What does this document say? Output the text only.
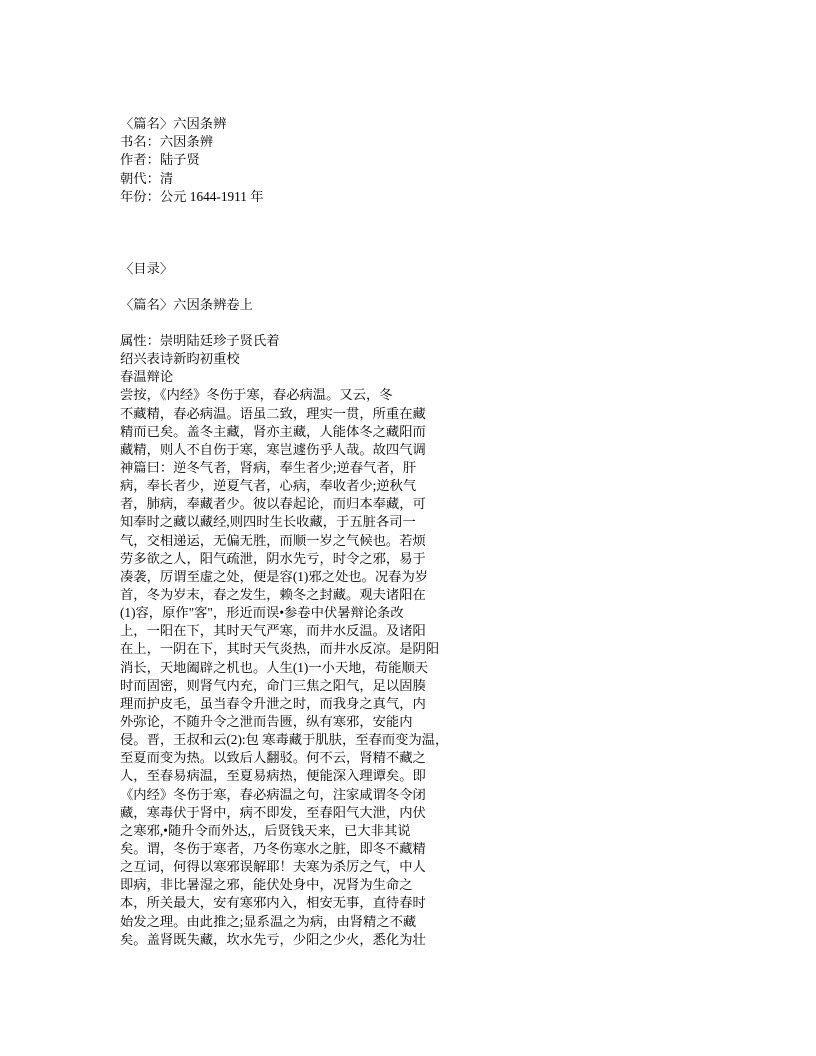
〈篇名〉六因条辨
书名：六因条辨
作者：陆子贤
朝代：清
年份：公元 1644-1911 年
〈目录〉
〈篇名〉六因条辨卷上
属性：崇明陆廷珍子贤氏着
绍兴表诗新昀初重校
春温辩论
尝按，《内经》冬伤于寒，春必病温。又云，冬
不藏精，春必病温。语虽二致，理实一贯，所重在藏
精而已矣。盖冬主藏，肾亦主藏，人能体冬之藏阳而
藏精，则人不自伤于寒，寒岂遽伤乎人哉。故四气调
神篇曰：逆冬气者，肾病，奉生者少;逆春气者，肝
病，奉长者少，逆夏气者，心病，奉收者少;逆秋气
者，肺病，奉藏者少。彼以春起论，而归本奉藏，可
知奉时之藏以藏经,则四时生长收藏，于五脏各司一
气，交相递运，无偏无胜，而顺一岁之气候也。若烦
劳多欲之人，阳气疏泄，阴水先亏，时令之邪，易于
凑袭，厉谓至虚之处，便是容(1)邪之处也。况春为岁
首，冬为岁末，春之发生，赖冬之封藏。观夫诸阳在
(1)容，原作"客"，形近而误•参卷中伏暑辩论条改
上，一阳在下，其时天气严寒，而井水反温。及诸阳
在上，一阴在下，其时天气炎热，而井水反凉。是阴阳
消长，天地阖辟之机也。人生(1)一小天地，苟能顺天
时而固密，则肾气内充，命门三焦之阳气，足以固腠
理而护皮毛，虽当春令升泄之时，而我身之真气，内
外弥论，不随升令之泄而告匮，纵有寒邪，安能内
侵。晋，王叔和云(2):包 寒毒藏于肌肤，至春而变为温，
至夏而变为热。以致后人翻驳。何不云，肾精不藏之
人，至春易病温，至夏易病热，便能深入理谭矣。即
《内经》冬伤于寒，春必病温之句，注家咸谓冬令闭
藏，寒毒伏于肾中，病不即发，至春阳气大泄，内伏
之寒邪,•随升令而外达,，后贤钱天来，已大非其说
矣。谓，冬伤于寒者，乃冬伤寒水之脏，即冬不藏精
之互词，何得以寒邪误解耶！夫寒为杀厉之气，中人
即病，非比暑湿之邪，能伏处身中，况肾为生命之
本，所关最大，安有寒邪内入，相安无事，直待春时
始发之理。由此推之;显系温之为病，由肾精之不藏
矣。盖肾既失藏，坎水先亏，少阳之少火，悉化为壮
